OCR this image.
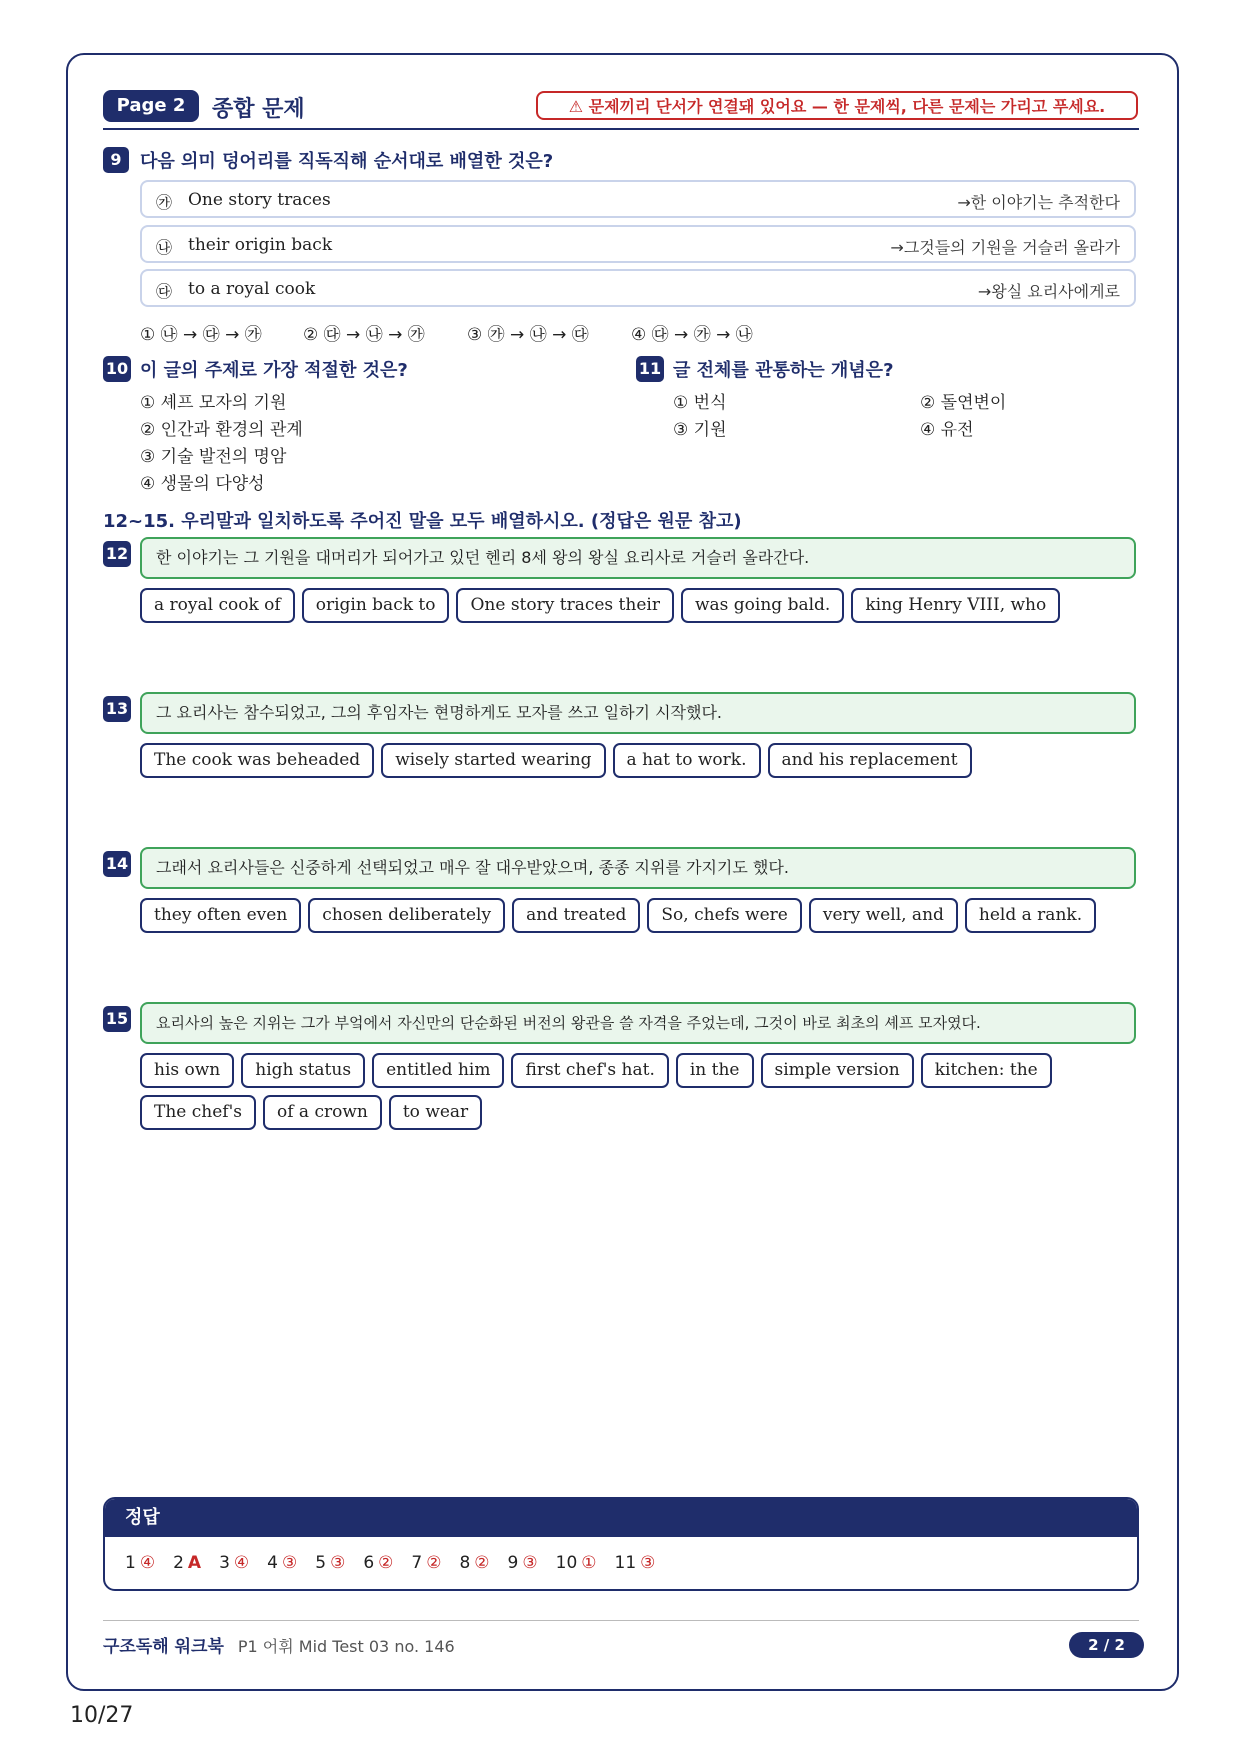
Page 2	종합 문제	⚠ 문제끼리 단서가 연결돼 있어요 — 한 문제씩, 다른 문제는 가리고 푸세요.
9	다음 의미 덩어리를 직독직해 순서대로 배열한 것은?
㉮ One story traces	→한 이야기는 추적한다
㉯ their origin back	→그것들의 기원을 거슬러 올라가
㉰ to a royal cook	→왕실 요리사에게로
① ㉯ → ㉰ → ㉮ ② ㉰ → ㉯ → ㉮ ③ ㉮ → ㉯ → ㉰ ④ ㉰ → ㉮ → ㉯
10 이 글의 주제로 가장 적절한 것은?
① 셰프 모자의 기원
② 인간과 환경의 관계
③ 기술 발전의 명암
④ 생물의 다양성
11 글 전체를 관통하는 개념은?
① 번식	② 돌연변이
③ 기원	④ 유전
12~15. 우리말과 일치하도록 주어진 말을 모두 배열하시오. (정답은 원문 참고)
12	한 이야기는 그 기원을 대머리가 되어가고 있던 헨리 8세 왕의 왕실 요리사로 거슬러 올라간다.
a royal cook of	origin back to	One story traces their	was going bald.	king Henry VIII, who
13	그 요리사는 참수되었고, 그의 후임자는 현명하게도 모자를 쓰고 일하기 시작했다.
The cook was beheaded	wisely started wearing	a hat to work.	and his replacement
14	그래서 요리사들은 신중하게 선택되었고 매우 잘 대우받았으며, 종종 지위를 가지기도 했다.
they often even	chosen deliberately	and treated	So, chefs were	very well, and	held a rank.
15	요리사의 높은 지위는 그가 부엌에서 자신만의 단순화된 버전의 왕관을 쓸 자격을 주었는데, 그것이 바로 최초의 셰프 모자였다.
his own	high status	entitled him	first chef's hat.	in the	simple version	kitchen: the
The chef's	of a crown	to wear
정답
1 ④ 2 A 3 ④ 4 ③ 5 ③ 6 ② 7 ② 8 ② 9 ③ 10 ① 11 ③
구조독해 워크북 P1 어휘 Mid Test 03 no. 146	2 / 2
10/27
